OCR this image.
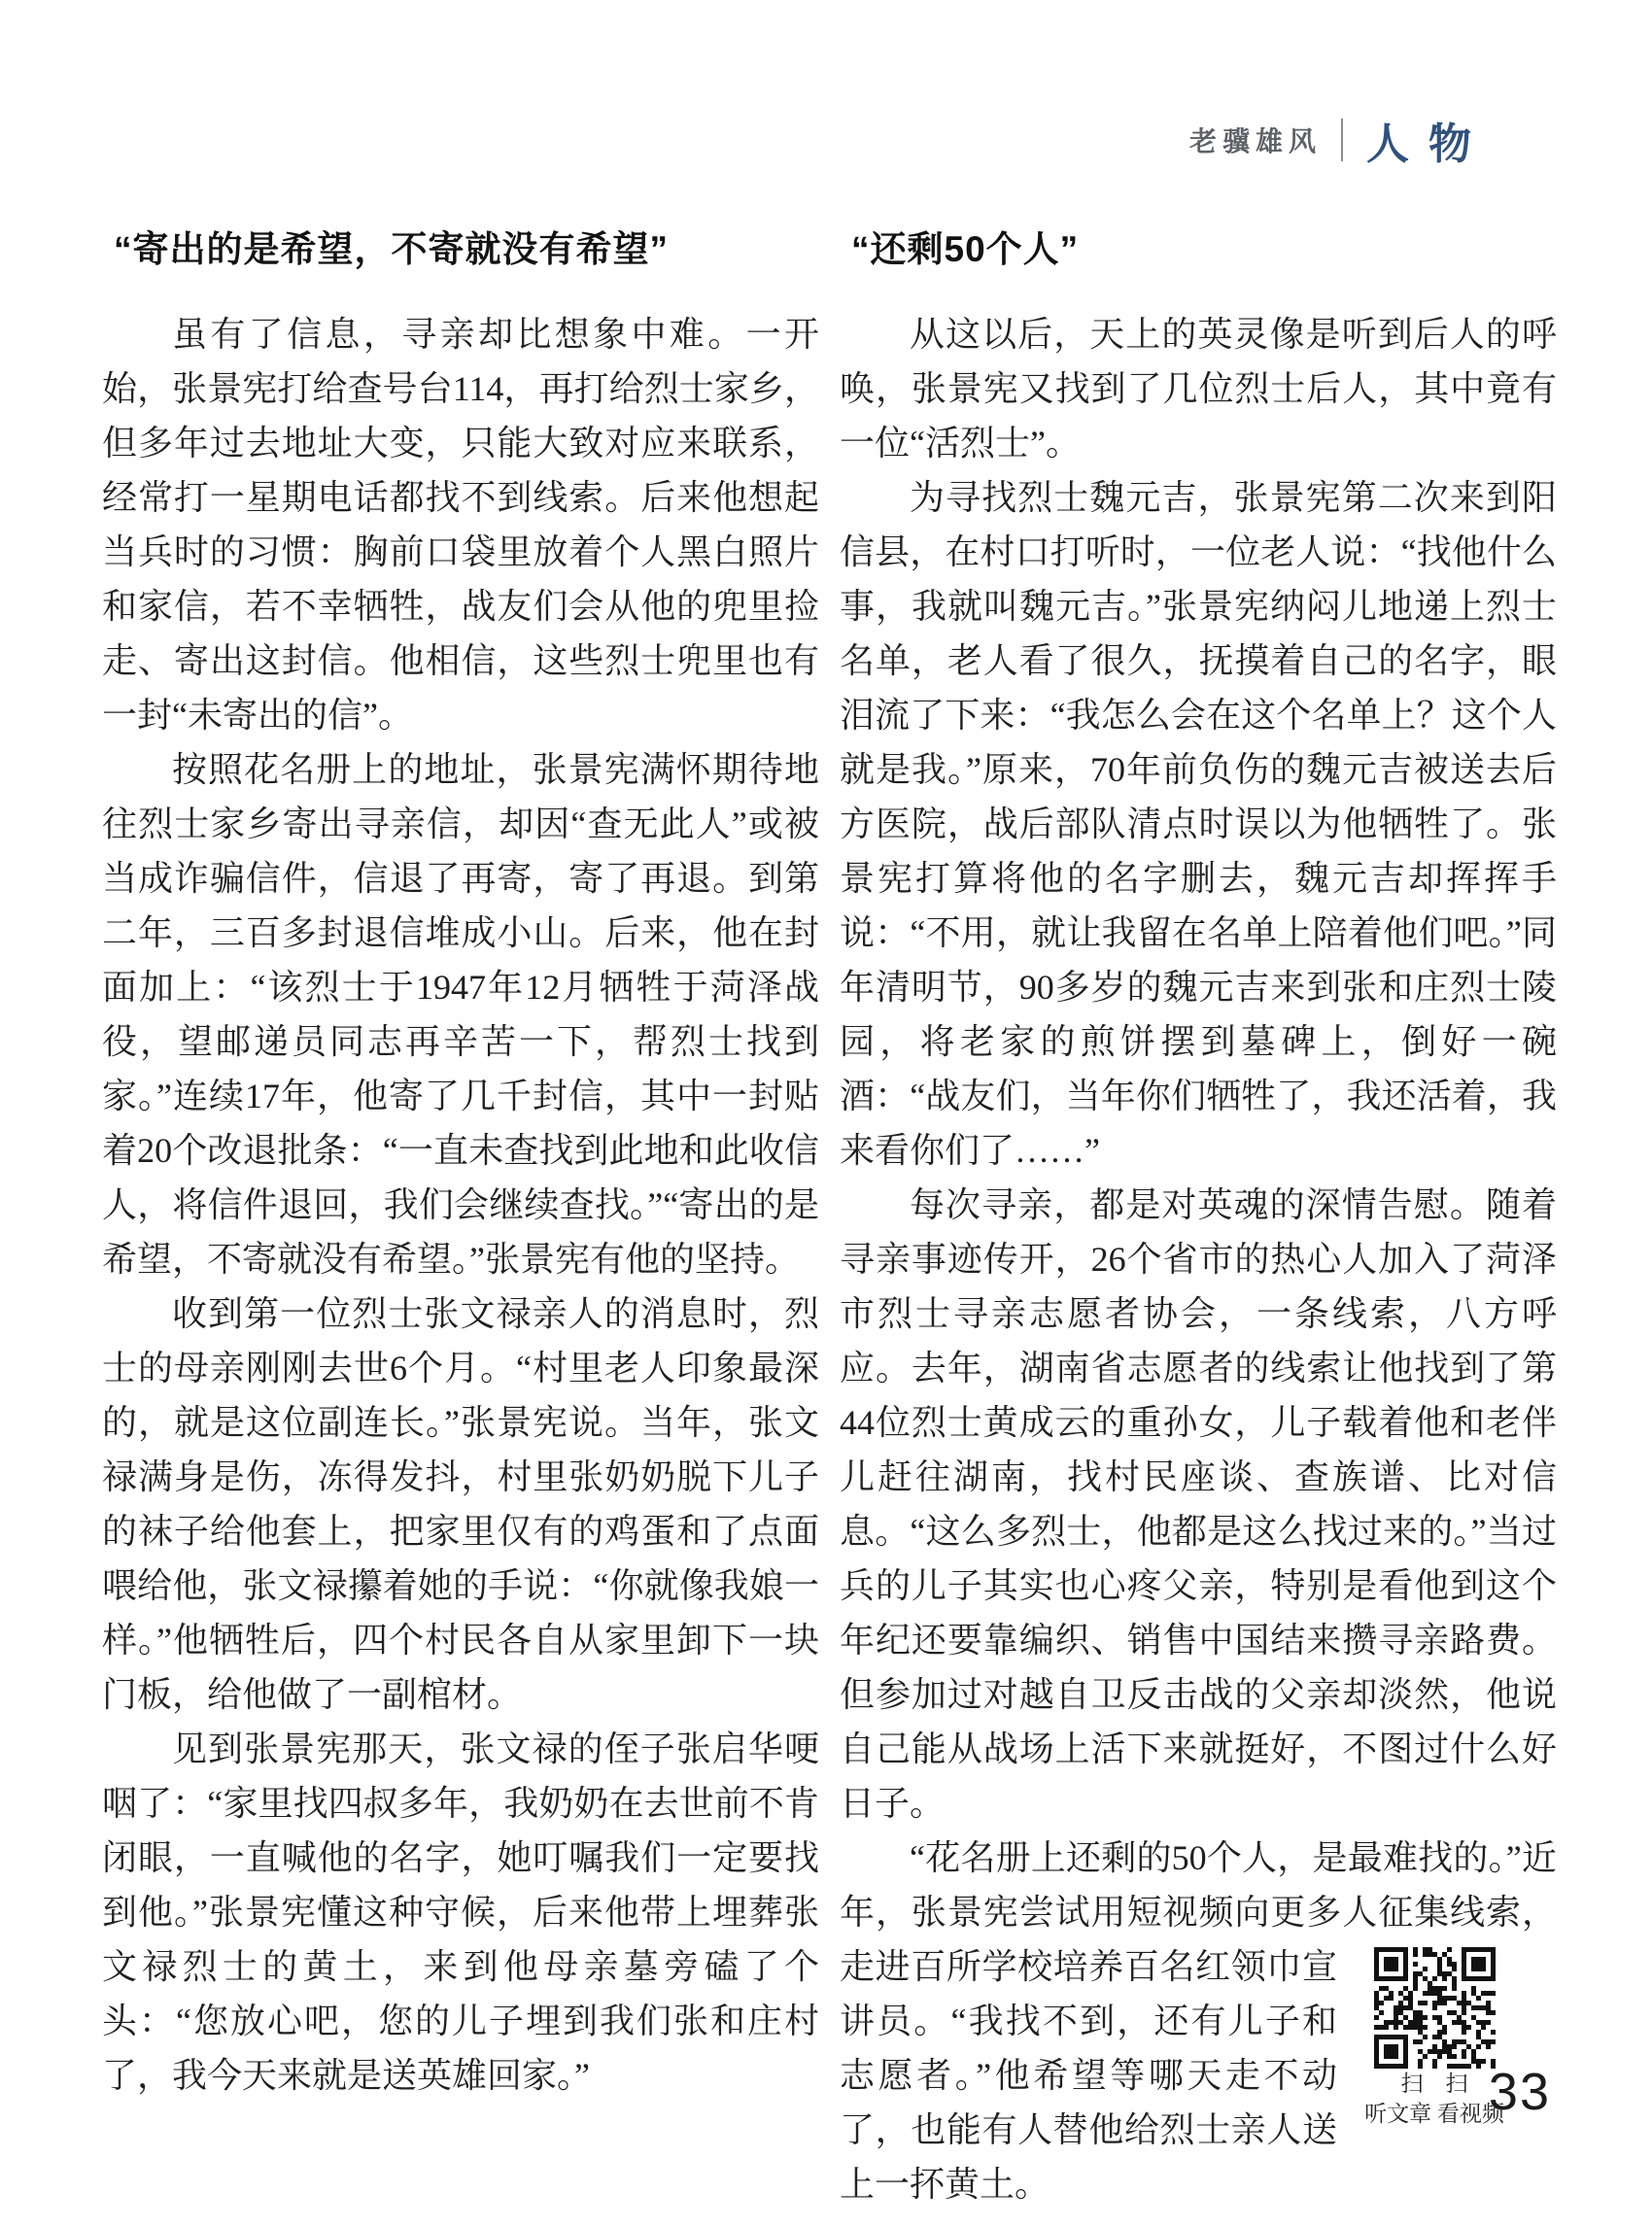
老骥雄风 人物
“寄出的是希望，不寄就没有希望”

虽有了信息，寻亲却比想象中难。一开始，张景宪打给查号台114，再打给烈士家乡，但多年过去地址大变，只能大致对应来联系，经常打一星期电话都找不到线索。后来他想起当兵时的习惯：胸前口袋里放着个人黑白照片和家信，若不幸牺牲，战友们会从他的兜里捡走、寄出这封信。他相信，这些烈士兜里也有一封“未寄出的信”。

按照花名册上的地址，张景宪满怀期待地往烈士家乡寄出寻亲信，却因“查无此人”或被当成诈骗信件，信退了再寄，寄了再退。到第二年，三百多封退信堆成小山。后来，他在封面加上：“该烈士于1947年12月牺牲于菏泽战役，望邮递员同志再辛苦一下，帮烈士找到家。”连续17年，他寄了几千封信，其中一封贴着20个改退批条：“一直未查找到此地和此收信人，将信件退回，我们会继续查找。”“寄出的是希望，不寄就没有希望。”张景宪有他的坚持。

收到第一位烈士张文禄亲人的消息时，烈士的母亲刚刚去世6个月。“村里老人印象最深的，就是这位副连长。”张景宪说。当年，张文禄满身是伤，冻得发抖，村里张奶奶脱下儿子的袜子给他套上，把家里仅有的鸡蛋和了点面喂给他，张文禄攥着她的手说：“你就像我娘一样。”他牺牲后，四个村民各自从家里卸下一块门板，给他做了一副棺材。

见到张景宪那天，张文禄的侄子张启华哽咽了：“家里找四叔多年，我奶奶在去世前不肯闭眼，一直喊他的名字，她叮嘱我们一定要找到他。”张景宪懂这种守候，后来他带上埋葬张文禄烈士的黄土，来到他母亲墓旁磕了个头：“您放心吧，您的儿子埋到我们张和庄村了，我今天来就是送英雄回家。”

“还剩50个人”

从这以后，天上的英灵像是听到后人的呼唤，张景宪又找到了几位烈士后人，其中竟有一位“活烈士”。

为寻找烈士魏元吉，张景宪第二次来到阳信县，在村口打听时，一位老人说：“找他什么事，我就叫魏元吉。”张景宪纳闷儿地递上烈士名单，老人看了很久，抚摸着自己的名字，眼泪流了下来：“我怎么会在这个名单上？这个人就是我。”原来，70年前负伤的魏元吉被送去后方医院，战后部队清点时误以为他牺牲了。张景宪打算将他的名字删去，魏元吉却挥挥手说：“不用，就让我留在名单上陪着他们吧。”同年清明节，90多岁的魏元吉来到张和庄烈士陵园，将老家的煎饼摆到墓碑上，倒好一碗酒：“战友们，当年你们牺牲了，我还活着，我来看你们了……”

每次寻亲，都是对英魂的深情告慰。随着寻亲事迹传开，26个省市的热心人加入了菏泽市烈士寻亲志愿者协会，一条线索，八方呼应。去年，湖南省志愿者的线索让他找到了第44位烈士黄成云的重孙女，儿子载着他和老伴儿赶往湖南，找村民座谈、查族谱、比对信息。“这么多烈士，他都是这么找过来的。”当过兵的儿子其实也心疼父亲，特别是看他到这个年纪还要靠编织、销售中国结来攒寻亲路费。但参加过对越自卫反击战的父亲却淡然，他说自己能从战场上活下来就挺好，不图过什么好日子。

“花名册上还剩的50个人，是最难找的。”近年，张景宪尝试用短视频向更多人征集线索，
扫　扫
听文章 看视频
走进百所学校培养百名红领巾宣讲员。“我找不到，还有儿子和志愿者。”他希望等哪天走不动了，也能有人替他给烈士亲人送上一抔黄土。

33
